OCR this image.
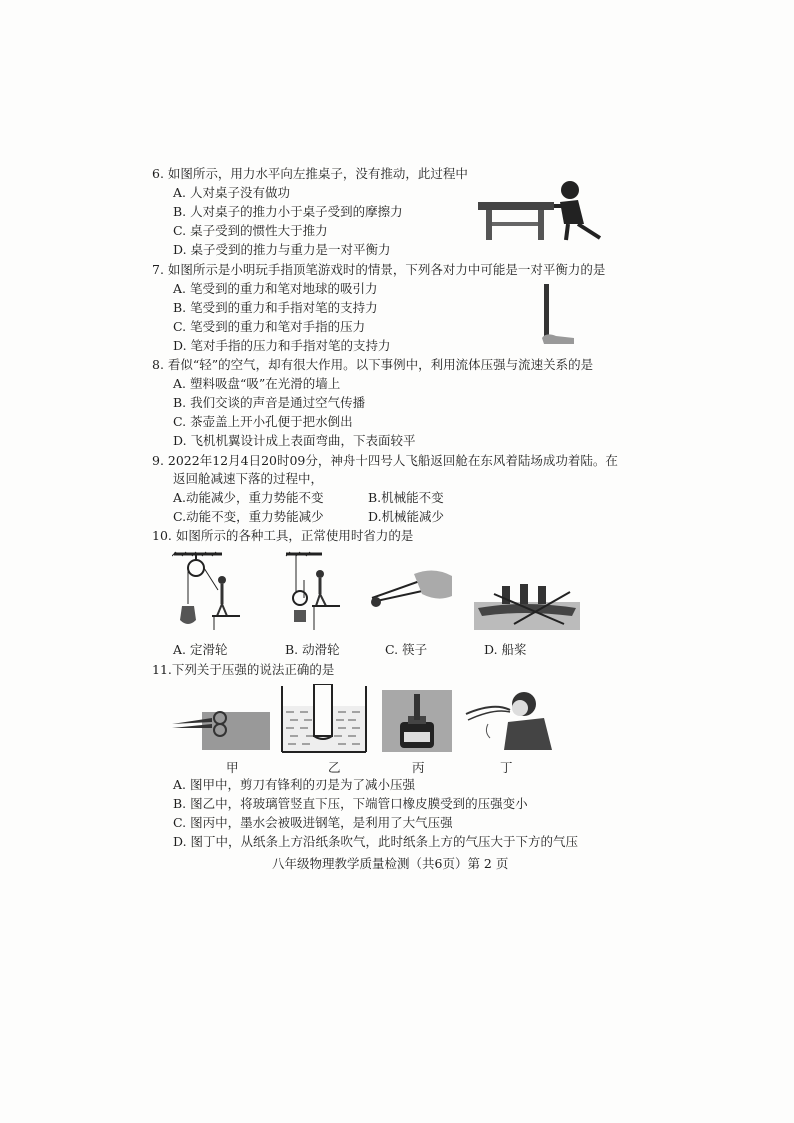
6. 如图所示，用力水平向左推桌子，没有推动，此过程中
A. 人对桌子没有做功
B. 人对桌子的推力小于桌子受到的摩擦力
C. 桌子受到的惯性大于推力
D. 桌子受到的推力与重力是一对平衡力
7. 如图所示是小明玩手指顶笔游戏时的情景，下列各对力中可能是一对平衡力的是
A. 笔受到的重力和笔对地球的吸引力
B. 笔受到的重力和手指对笔的支持力
C. 笔受到的重力和笔对手指的压力
D. 笔对手指的压力和手指对笔的支持力
8. 看似“轻”的空气，却有很大作用。以下事例中，利用流体压强与流速关系的是
A. 塑料吸盘“吸”在光滑的墙上
B. 我们交谈的声音是通过空气传播
C. 茶壶盖上开小孔便于把水倒出
D. 飞机机翼设计成上表面弯曲，下表面较平
9. 2022年12月4日20时09分，神舟十四号人飞船返回舱在东风着陆场成功着陆。在
返回舱减速下落的过程中，
A.动能减少，重力势能不变	B.机械能不变
C.动能不变，重力势能减少	D.机械能减少
10. 如图所示的各种工具，正常使用时省力的是
A. 定滑轮	B. 动滑轮	C. 筷子	D. 船桨
11.下列关于压强的说法正确的是
甲	乙	丙	丁
A. 图甲中，剪刀有锋利的刃是为了减小压强
B. 图乙中，将玻璃管竖直下压，下端管口橡皮膜受到的压强变小
C. 图丙中，墨水会被吸进钢笔，是利用了大气压强
D. 图丁中，从纸条上方沿纸条吹气，此时纸条上方的气压大于下方的气压
八年级物理教学质量检测（共6页）第 2 页
